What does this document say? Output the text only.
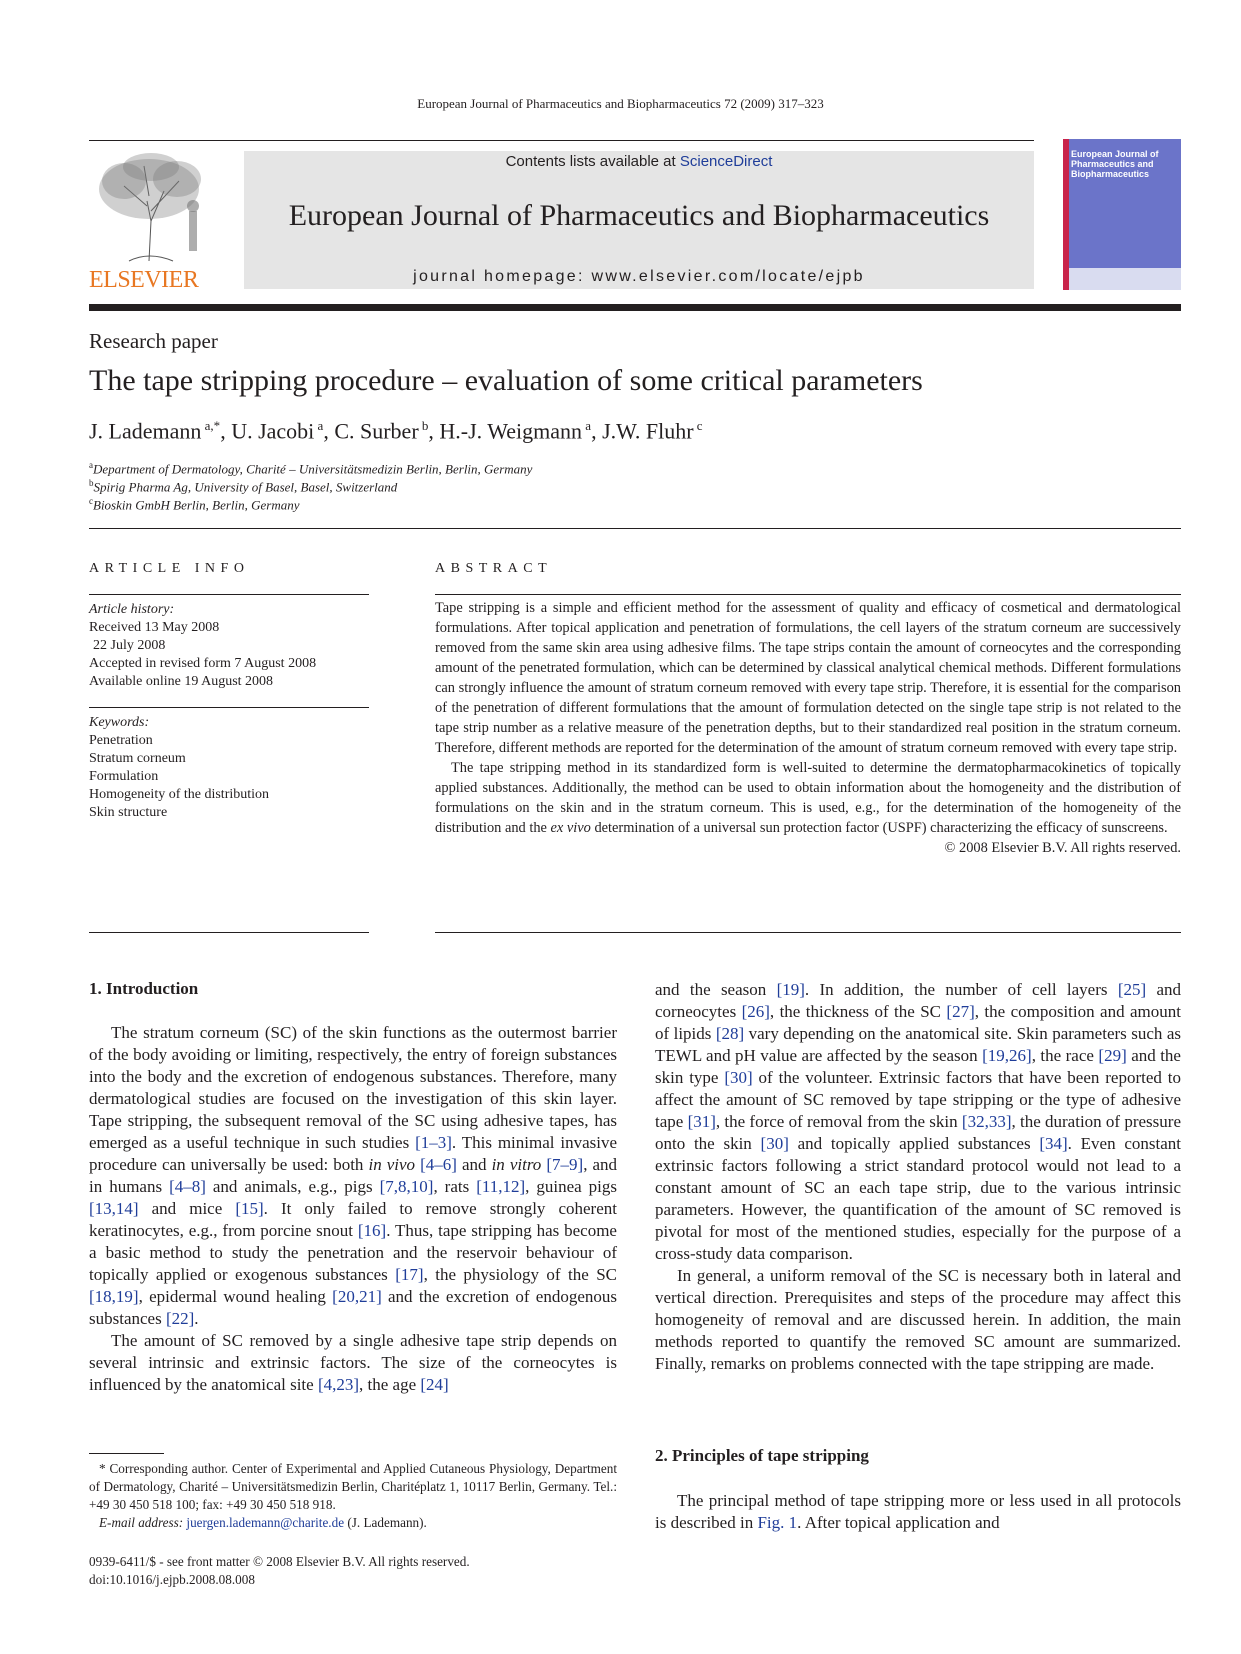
European Journal of Pharmaceutics and Biopharmaceutics 72 (2009) 317–323
ELSEVIER
Contents lists available at ScienceDirect
European Journal of Pharmaceutics and Biopharmaceutics
journal homepage: www.elsevier.com/locate/ejpb
European Journal of Pharmaceutics and Biopharmaceutics
Research paper
The tape stripping procedure – evaluation of some critical parameters
J. Lademann $^{a,*}$, U. Jacobi $^a$, C. Surber $^b$, H.-J. Weigmann $^a$, J.W. Fluhr $^c$
$^a$Department of Dermatology, Charité – Universitätsmedizin Berlin, Berlin, Germany
$^b$Spirig Pharma Ag, University of Basel, Basel, Switzerland
$^c$Bioskin GmbH Berlin, Berlin, Germany
ARTICLE INFO
Article history:
Received 13 May 2008
22 July 2008
Accepted in revised form 7 August 2008
Available online 19 August 2008
Keywords:
Penetration
Stratum corneum
Formulation
Homogeneity of the distribution
Skin structure
ABSTRACT

Tape stripping is a simple and efficient method for the assessment of quality and efficacy of cosmetical and dermatological formulations. After topical application and penetration of formulations, the cell layers of the stratum corneum are successively removed from the same skin area using adhesive films. The tape strips contain the amount of corneocytes and the corresponding amount of the penetrated formulation, which can be determined by classical analytical chemical methods. Different formulations can strongly influence the amount of stratum corneum removed with every tape strip. Therefore, it is essential for the comparison of the penetration of different formulations that the amount of formulation detected on the single tape strip is not related to the tape strip number as a relative measure of the penetration depths, but to their standardized real position in the stratum corneum. Therefore, different methods are reported for the determination of the amount of stratum corneum removed with every tape strip.

The tape stripping method in its standardized form is well-suited to determine the dermatopharmacokinetics of topically applied substances. Additionally, the method can be used to obtain information about the homogeneity and the distribution of formulations on the skin and in the stratum corneum. This is used, e.g., for the determination of the homogeneity of the distribution and the ex vivo determination of a universal sun protection factor (USPF) characterizing the efficacy of sunscreens.

© 2008 Elsevier B.V. All rights reserved.
1. Introduction

The stratum corneum (SC) of the skin functions as the outermost barrier of the body avoiding or limiting, respectively, the entry of foreign substances into the body and the excretion of endogenous substances. Therefore, many dermatological studies are focused on the investigation of this skin layer. Tape stripping, the subsequent removal of the SC using adhesive tapes, has emerged as a useful technique in such studies [1–3]. This minimal invasive procedure can universally be used: both in vivo [4–6] and in vitro [7–9], and in humans [4–8] and animals, e.g., pigs [7,8,10], rats [11,12], guinea pigs [13,14] and mice [15]. It only failed to remove strongly coherent keratinocytes, e.g., from porcine snout [16]. Thus, tape stripping has become a basic method to study the penetration and the reservoir behaviour of topically applied or exogenous substances [17], the physiology of the SC [18,19], epidermal wound healing [20,21] and the excretion of endogenous substances [22].

The amount of SC removed by a single adhesive tape strip depends on several intrinsic and extrinsic factors. The size of the corneocytes is influenced by the anatomical site [4,23], the age [24]

and the season [19]. In addition, the number of cell layers [25] and corneocytes [26], the thickness of the SC [27], the composition and amount of lipids [28] vary depending on the anatomical site. Skin parameters such as TEWL and pH value are affected by the season [19,26], the race [29] and the skin type [30] of the volunteer. Extrinsic factors that have been reported to affect the amount of SC removed by tape stripping or the type of adhesive tape [31], the force of removal from the skin [32,33], the duration of pressure onto the skin [30] and topically applied substances [34]. Even constant extrinsic factors following a strict standard protocol would not lead to a constant amount of SC an each tape strip, due to the various intrinsic parameters. However, the quantification of the amount of SC removed is pivotal for most of the mentioned studies, especially for the purpose of a cross-study data comparison.

In general, a uniform removal of the SC is necessary both in lateral and vertical direction. Prerequisites and steps of the procedure may affect this homogeneity of removal and are discussed herein. In addition, the main methods reported to quantify the removed SC amount are summarized. Finally, remarks on problems connected with the tape stripping are made.

2. Principles of tape stripping

The principal method of tape stripping more or less used in all protocols is described in Fig. 1. After topical application and

* Corresponding author. Center of Experimental and Applied Cutaneous Physiology, Department of Dermatology, Charité – Universitätsmedizin Berlin, Charitéplatz 1, 10117 Berlin, Germany. Tel.: +49 30 450 518 100; fax: +49 30 450 518 918.

E-mail address: juergen.lademann@charite.de (J. Lademann).

0939-6411/$ - see front matter © 2008 Elsevier B.V. All rights reserved.
doi:10.1016/j.ejpb.2008.08.008
